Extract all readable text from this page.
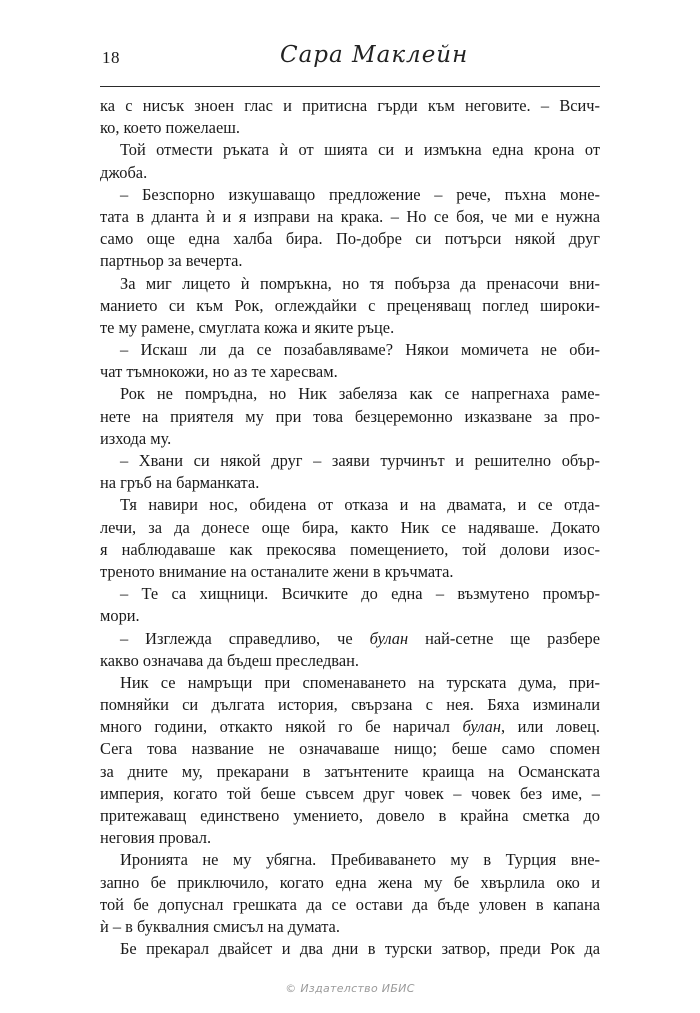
18	Сара Маклейн
ка с нисък зноен глас и притисна гърди към неговите. – Всич-
ко, което пожелаеш.
Той отмести ръката ѝ от шията си и измъкна една крона от
джоба.
– Безспорно изкушаващо предложение – рече, пъхна моне-
тата в дланта ѝ и я изправи на крака. – Но се боя, че ми е нужна
само още една халба бира. По-добре си потърси някой друг
партньор за вечерта.
За миг лицето ѝ помръкна, но тя побърза да пренасочи вни-
манието си към Рок, оглеждайки с преценяващ поглед широки-
те му рамене, смуглата кожа и яките ръце.
– Искаш ли да се позабавляваме? Някои момичета не оби-
чат тъмнокожи, но аз те харесвам.
Рок не помръдна, но Ник забеляза как се напрегнаха раме-
нете на приятеля му при това безцеремонно изказване за про-
изхода му.
– Хвани си някой друг – заяви турчинът и решително обър-
на гръб на барманката.
Тя навири нос, обидена от отказа и на двамата, и се отда-
лечи, за да донесе още бира, както Ник се надяваше. Докато
я наблюдаваше как прекосява помещението, той долови изос-
треното внимание на останалите жени в кръчмата.
– Те са хищници. Всичките до една – възмутено промър-
мори.
– Изглежда справедливо, че булан най-сетне ще разбере
какво означава да бъдеш преследван.
Ник се намръщи при споменаването на турската дума, при-
помняйки си дългата история, свързана с нея. Бяха изминали
много години, откакто някой го бе наричал булан, или ловец.
Сега това название не означаваше нищо; беше само спомен
за дните му, прекарани в затънтените краища на Османската
империя, когато той беше съвсем друг човек – човек без име, –
притежаващ единствено умението, довело в крайна сметка до
неговия провал.
Иронията не му убягна. Пребиваването му в Турция вне-
запно бе приключило, когато една жена му бе хвърлила око и
той бе допуснал грешката да се остави да бъде уловен в капана
ѝ – в буквалния смисъл на думата.
Бе прекарал двайсет и два дни в турски затвор, преди Рок да
© Издателство ИБИС
